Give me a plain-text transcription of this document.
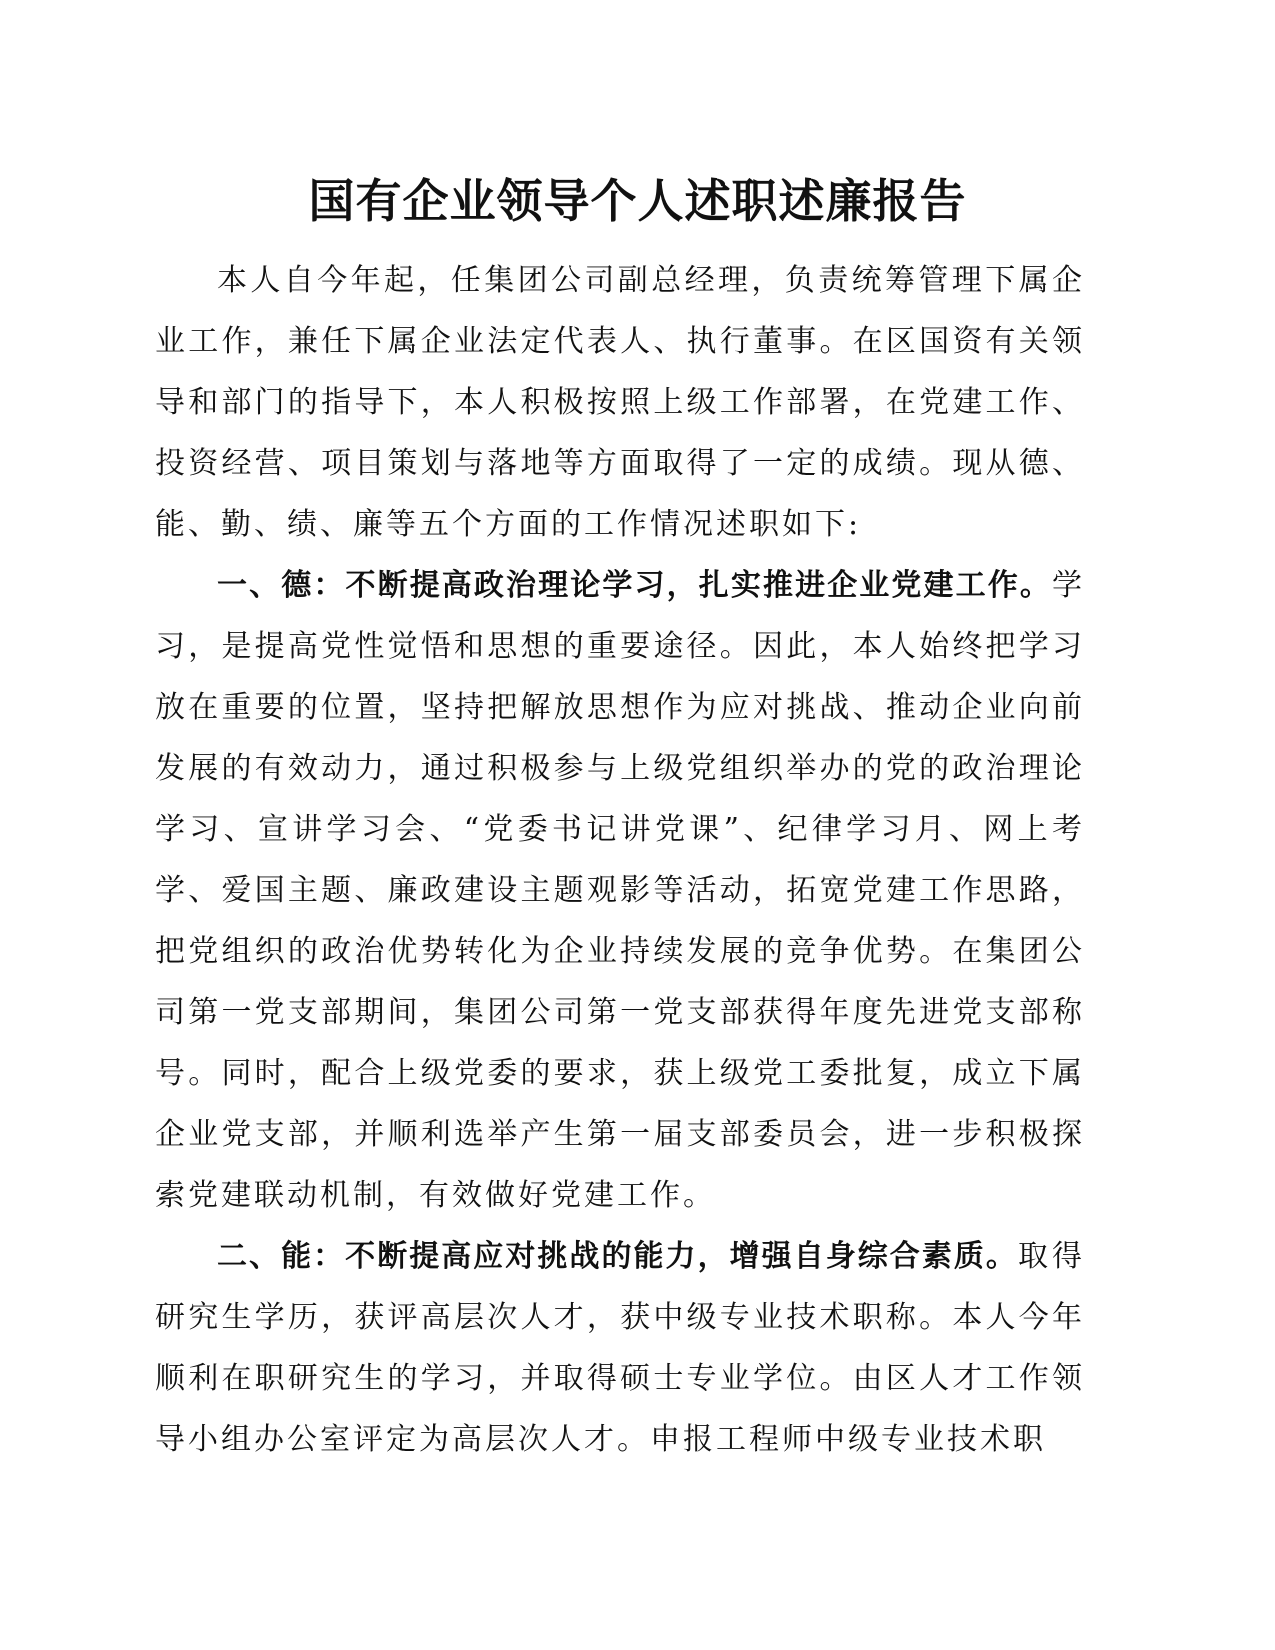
国有企业领导个人述职述廉报告

本人自今年起，任集团公司副总经理，负责统筹管理下属企业工作，兼任下属企业法定代表人、执行董事。在区国资有关领导和部门的指导下，本人积极按照上级工作部署，在党建工作、投资经营、项目策划与落地等方面取得了一定的成绩。现从德、能、勤、绩、廉等五个方面的工作情况述职如下:

一、德：不断提高政治理论学习，扎实推进企业党建工作。学习，是提高党性觉悟和思想的重要途径。因此，本人始终把学习放在重要的位置，坚持把解放思想作为应对挑战、推动企业向前发展的有效动力，通过积极参与上级党组织举办的党的政治理论学习、宣讲学习会、“党委书记讲党课”、纪律学习月、网上考学、爱国主题、廉政建设主题观影等活动，拓宽党建工作思路，把党组织的政治优势转化为企业持续发展的竞争优势。在集团公司第一党支部期间，集团公司第一党支部获得年度先进党支部称号。同时，配合上级党委的要求，获上级党工委批复，成立下属企业党支部，并顺利选举产生第一届支部委员会，进一步积极探索党建联动机制，有效做好党建工作。

二、能：不断提高应对挑战的能力，增强自身综合素质。取得研究生学历，获评高层次人才，获中级专业技术职称。本人今年顺利在职研究生的学习，并取得硕士专业学位。由区人才工作领导小组办公室评定为高层次人才。申报工程师中级专业技术职
